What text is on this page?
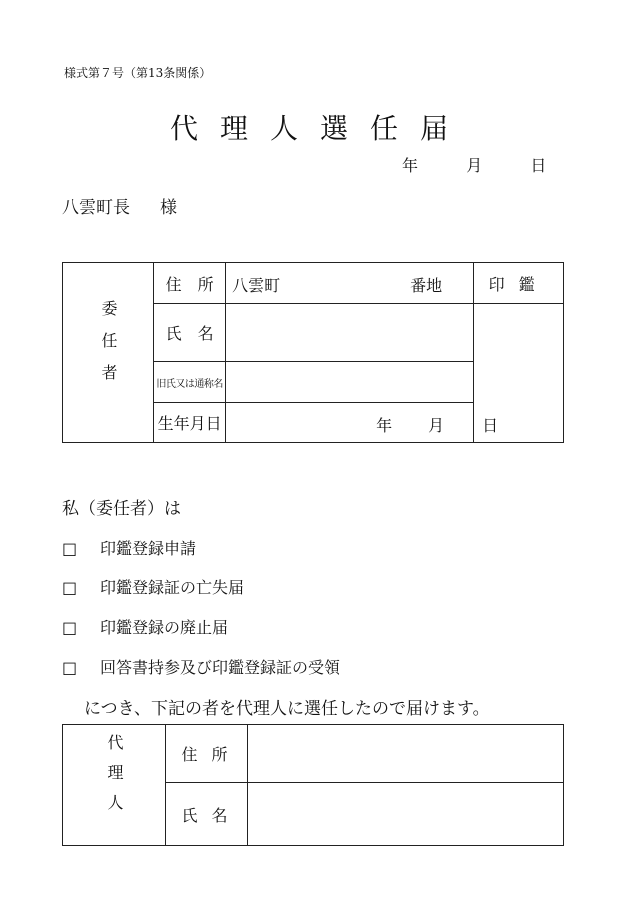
様式第７号（第13条関係）
代理人選任届
年	月	日
八雲町長 様
委任者	住　所	八雲町 番地	印鑑
	氏　名		
	旧氏又は通称名		
	生年月日	年 月 日	
私（委任者）は
□ 印鑑登録申請
□ 印鑑登録証の亡失届
□ 印鑑登録の廃止届
□ 回答書持参及び印鑑登録証の受領
につき、下記の者を代理人に選任したので届けます。
代理人	住所	
	氏名	
